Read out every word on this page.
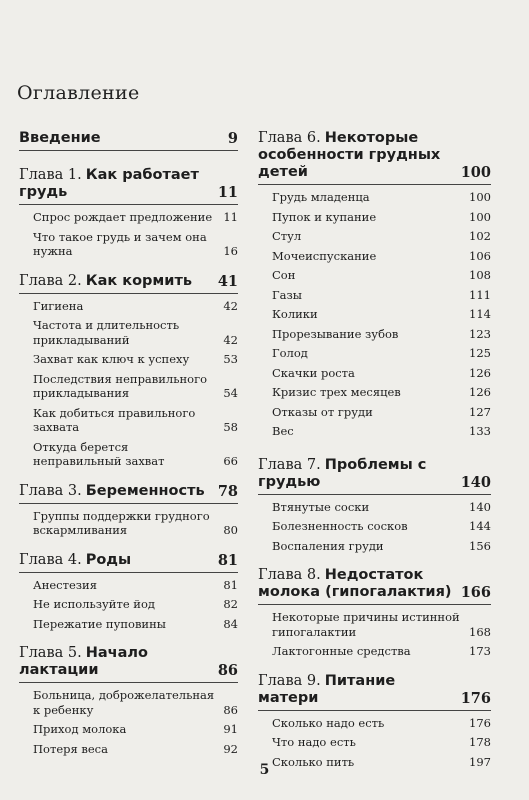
Оглавление
Введение	9
Глава 1. Как работает грудь	11
Спрос рождает предложение 11
Что такое грудь и зачем она нужна	16
Глава 2. Как кормить	41
Гигиена	42
Частота и длительность прикладываний	42
Захват как ключ к успеху	53
Последствия неправильного прикладывания	54
Как добиться правильного захвата	58
Откуда берется неправильный захват	66
Глава 3. Беременность 78
Группы поддержки грудного вскармливания	80
Глава 4. Роды	81
Анестезия	81
Не используйте йод	82
Пережатие пуповины	84
Глава 5. Начало лактации	86
Больница, доброжелательная к ребенку	86
Приход молока	91
Потеря веса	92
Глава 6. Некоторые особенности грудных детей	100
Грудь младенца	100
Пупок и купание	100
Стул	102
Мочеиспускание	106
Сон	108
Газы	111
Колики	114
Прорезывание зубов	123
Голод	125
Скачки роста	126
Кризис трех месяцев	126
Отказы от груди	127
Вес	133
Глава 7. Проблемы с грудью	140
Втянутые соски	140
Болезненность сосков	144
Воспаления груди	156
Глава 8. Недостаток молока (гипогалактия) 166
Некоторые причины истинной гипогалактии	168
Лактогонные средства	173
Глава 9. Питание матери	176
Сколько надо есть	176
Что надо есть	178
Сколько пить	197
5
